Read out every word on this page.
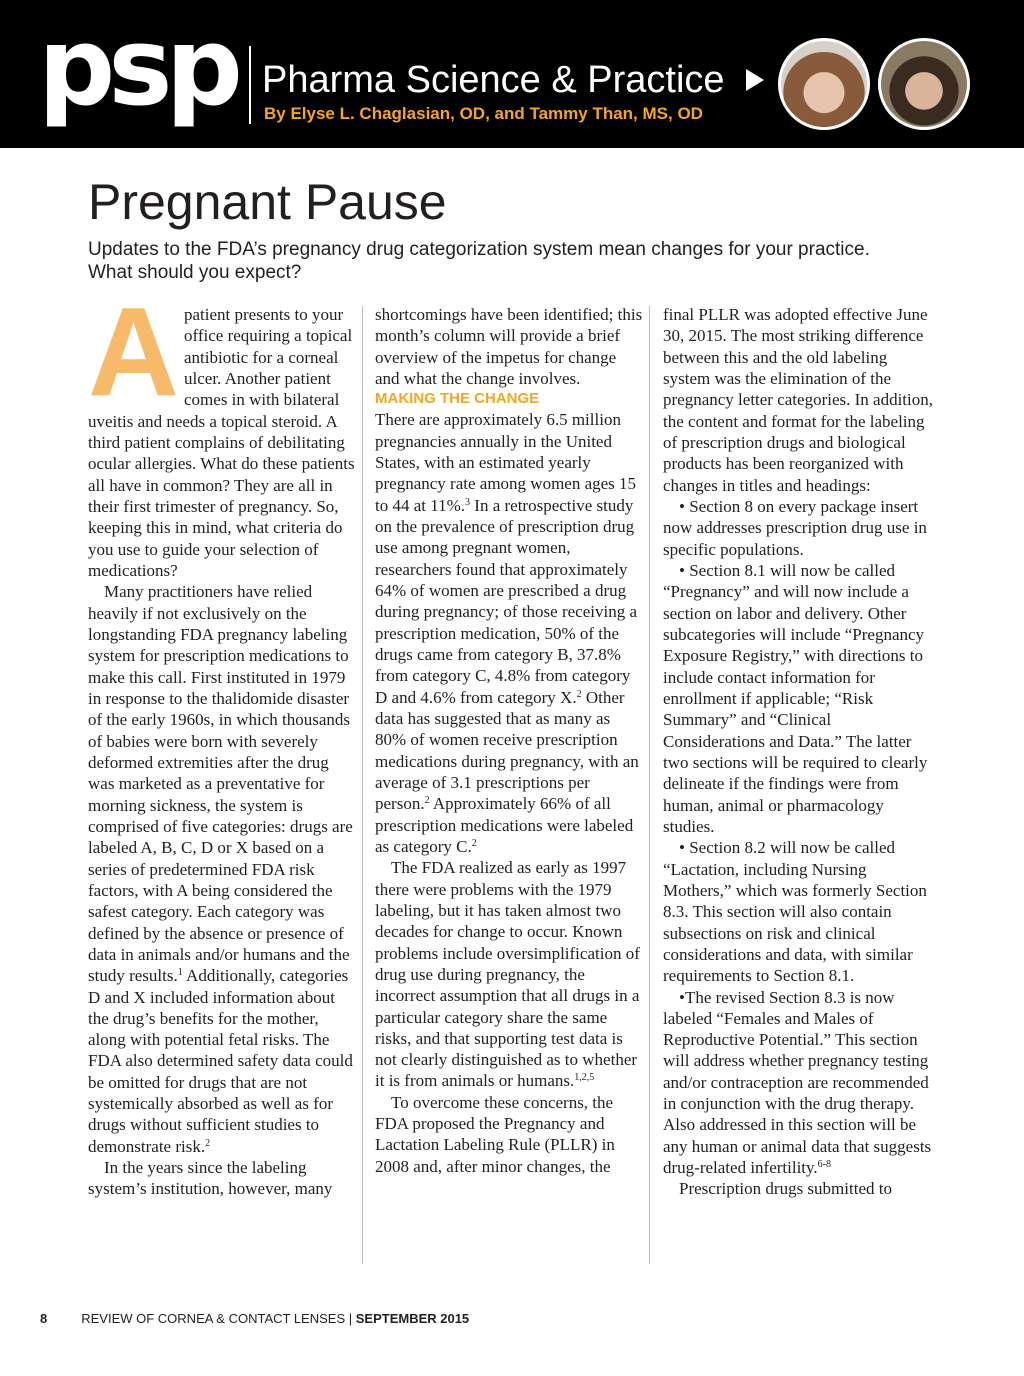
psp Pharma Science & Practice
By Elyse L. Chaglasian, OD, and Tammy Than, MS, OD
Pregnant Pause
Updates to the FDA’s pregnancy drug categorization system mean changes for your practice. What should you expect?
A patient presents to your office requiring a topical antibiotic for a corneal ulcer. Another patient comes in with bilateral uveitis and needs a topical steroid. A third patient complains of debilitating ocular allergies. What do these patients all have in common? They are all in their first trimester of pregnancy. So, keeping this in mind, what criteria do you use to guide your selection of medications?

Many practitioners have relied heavily if not exclusively on the longstanding FDA pregnancy labeling system for prescription medications to make this call. First instituted in 1979 in response to the thalidomide disaster of the early 1960s, in which thousands of babies were born with severely deformed extremities after the drug was marketed as a preventative for morning sickness, the system is comprised of five categories: drugs are labeled A, B, C, D or X based on a series of predetermined FDA risk factors, with A being considered the safest category. Each category was defined by the absence or presence of data in animals and/or humans and the study results.$^1$ Additionally, categories D and X included information about the drug’s benefits for the mother, along with potential fetal risks. The FDA also determined safety data could be omitted for drugs that are not systemically absorbed as well as for drugs without sufficient studies to demonstrate risk.$^2$

In the years since the labeling system’s institution, however, many

shortcomings have been identified; this month’s column will provide a brief overview of the impetus for change and what the change involves.

MAKING THE CHANGE

There are approximately 6.5 million pregnancies annually in the United States, with an estimated yearly pregnancy rate among women ages 15 to 44 at 11%.$^3$ In a retrospective study on the prevalence of prescription drug use among pregnant women, researchers found that approximately 64% of women are prescribed a drug during pregnancy; of those receiving a prescription medication, 50% of the drugs came from category B, 37.8% from category C, 4.8% from category D and 4.6% from category X.$^2$ Other data has suggested that as many as 80% of women receive prescription medications during pregnancy, with an average of 3.1 prescriptions per person.$^2$ Approximately 66% of all prescription medications were labeled as category C.$^2$

The FDA realized as early as 1997 there were problems with the 1979 labeling, but it has taken almost two decades for change to occur. Known problems include oversimplification of drug use during pregnancy, the incorrect assumption that all drugs in a particular category share the same risks, and that supporting test data is not clearly distinguished as to whether it is from animals or humans.$^{1,2,5}$

To overcome these concerns, the FDA proposed the Pregnancy and Lactation Labeling Rule (PLLR) in 2008 and, after minor changes, the

final PLLR was adopted effective June 30, 2015. The most striking difference between this and the old labeling system was the elimination of the pregnancy letter categories. In addition, the content and format for the labeling of prescription drugs and biological products has been reorganized with changes in titles and headings:

• Section 8 on every package insert now addresses prescription drug use in specific populations.

• Section 8.1 will now be called “Pregnancy” and will now include a section on labor and delivery. Other subcategories will include “Pregnancy Exposure Registry,” with directions to include contact information for enrollment if applicable; “Risk Summary” and “Clinical Considerations and Data.” The latter two sections will be required to clearly delineate if the findings were from human, animal or pharmacology studies.

• Section 8.2 will now be called “Lactation, including Nursing Mothers,” which was formerly Section 8.3. This section will also contain subsections on risk and clinical considerations and data, with similar requirements to Section 8.1.

•The revised Section 8.3 is now labeled “Females and Males of Reproductive Potential.” This section will address whether pregnancy testing and/or contraception are recommended in conjunction with the drug therapy. Also addressed in this section will be any human or animal data that suggests drug-related infertility.$^{6-8}$

Prescription drugs submitted to

8	REVIEW OF CORNEA & CONTACT LENSES | SEPTEMBER 2015
